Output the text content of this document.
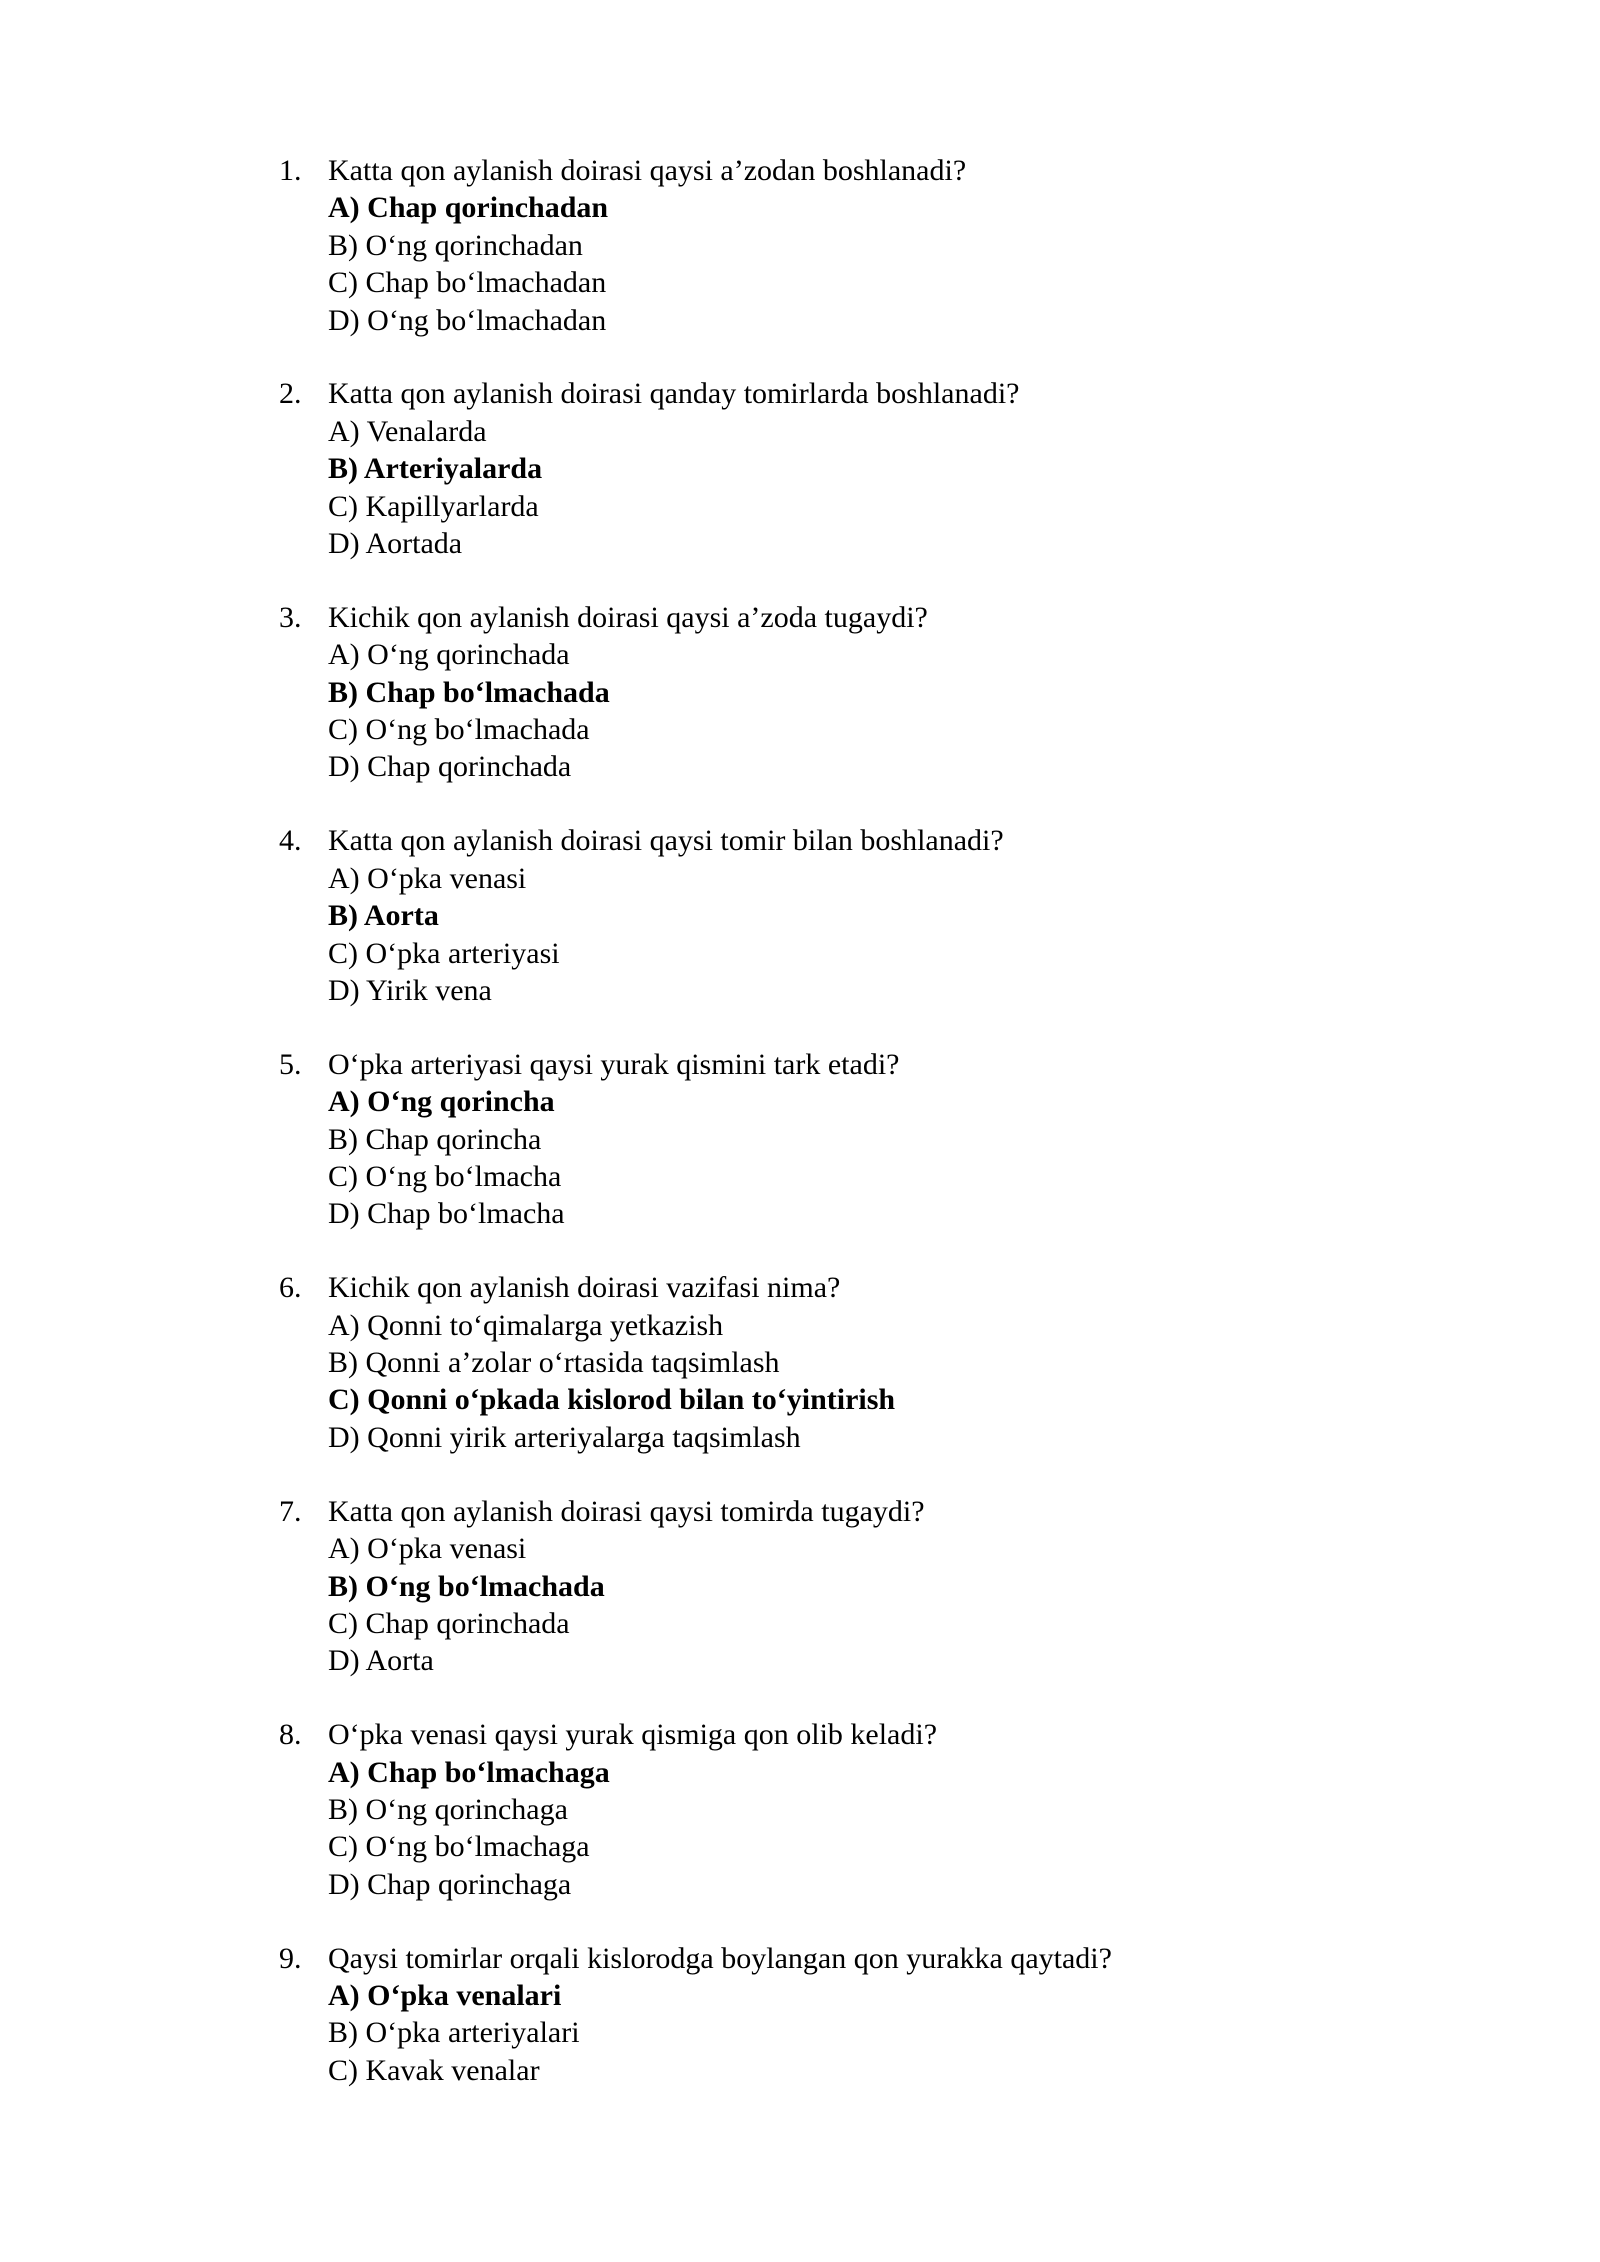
1. Katta qon aylanish doirasi qaysi a’zodan boshlanadi?
A) Chap qorinchadan
B) O‘ng qorinchadan
C) Chap bo‘lmachadan
D) O‘ng bo‘lmachadan
2. Katta qon aylanish doirasi qanday tomirlarda boshlanadi?
A) Venalarda
B) Arteriyalarda
C) Kapillyarlarda
D) Aortada
3. Kichik qon aylanish doirasi qaysi a’zoda tugaydi?
A) O‘ng qorinchada
B) Chap bo‘lmachada
C) O‘ng bo‘lmachada
D) Chap qorinchada
4. Katta qon aylanish doirasi qaysi tomir bilan boshlanadi?
A) O‘pka venasi
B) Aorta
C) O‘pka arteriyasi
D) Yirik vena
5. O‘pka arteriyasi qaysi yurak qismini tark etadi?
A) O‘ng qorincha
B) Chap qorincha
C) O‘ng bo‘lmacha
D) Chap bo‘lmacha
6. Kichik qon aylanish doirasi vazifasi nima?
A) Qonni to‘qimalarga yetkazish
B) Qonni a’zolar o‘rtasida taqsimlash
C) Qonni o‘pkada kislorod bilan to‘yintirish
D) Qonni yirik arteriyalarga taqsimlash
7. Katta qon aylanish doirasi qaysi tomirda tugaydi?
A) O‘pka venasi
B) O‘ng bo‘lmachada
C) Chap qorinchada
D) Aorta
8. O‘pka venasi qaysi yurak qismiga qon olib keladi?
A) Chap bo‘lmachaga
B) O‘ng qorinchaga
C) O‘ng bo‘lmachaga
D) Chap qorinchaga
9. Qaysi tomirlar orqali kislorodga boylangan qon yurakka qaytadi?
A) O‘pka venalari
B) O‘pka arteriyalari
C) Kavak venalar
